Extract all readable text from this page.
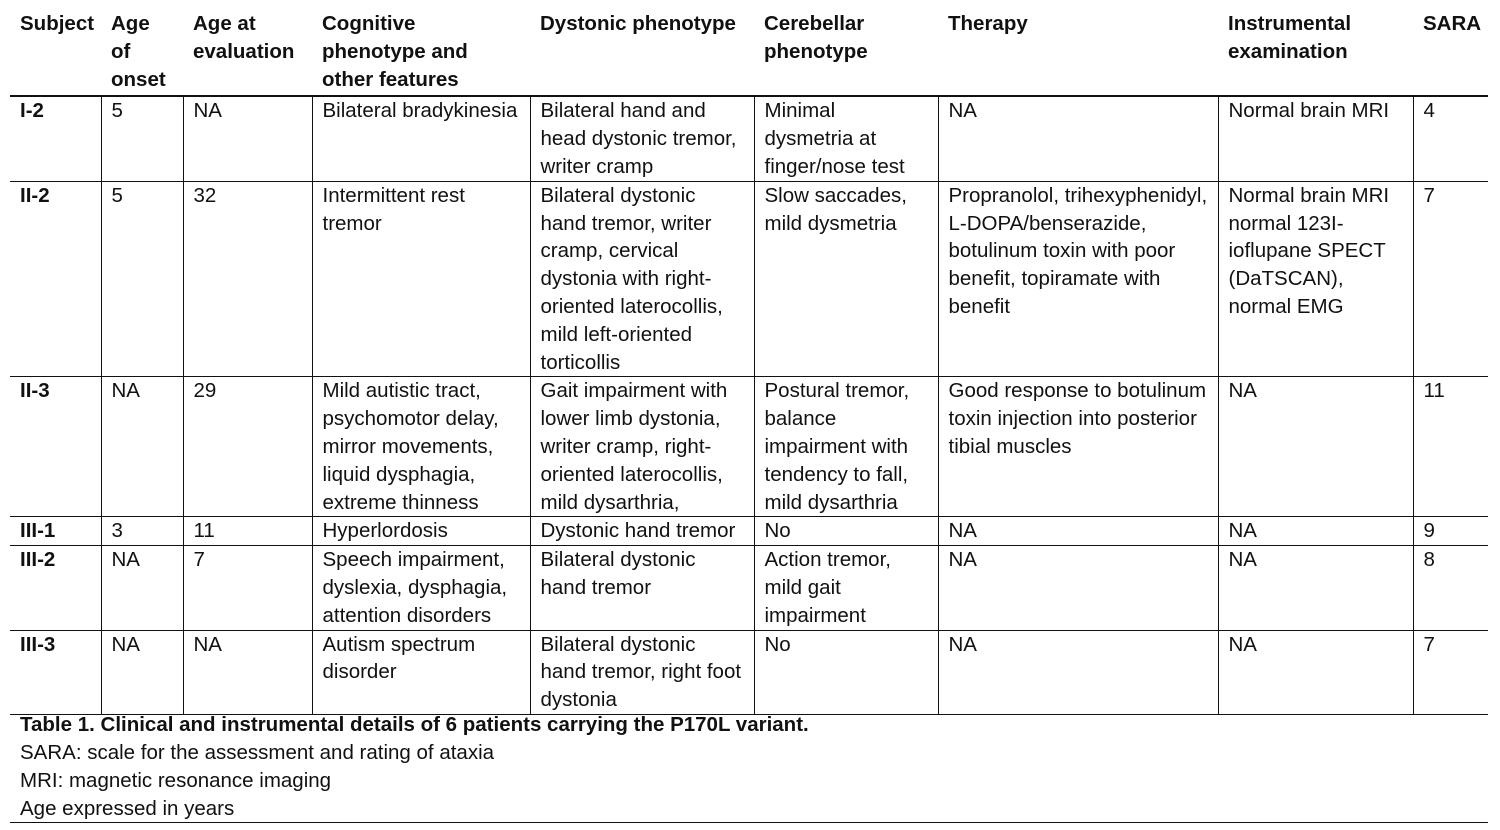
Subject	Age of onset	Age at evaluation	Cognitive phenotype and other features	Dystonic phenotype	Cerebellar phenotype	Therapy	Instrumental examination	SARA
I-2	5	NA	Bilateral bradykinesia	Bilateral hand and head dystonic tremor, writer cramp	Minimal dysmetria at finger/nose test	NA	Normal brain MRI	4
II-2	5	32	Intermittent rest tremor	Bilateral dystonic hand tremor, writer cramp, cervical dystonia with right-oriented laterocollis, mild left-oriented torticollis	Slow saccades, mild dysmetria	Propranolol, trihexyphenidyl, L-DOPA/benserazide, botulinum toxin with poor benefit, topiramate with benefit	Normal brain MRI normal 123I-ioflupane SPECT (DaTSCAN), normal EMG	7
II-3	NA	29	Mild autistic tract, psychomotor delay, mirror movements, liquid dysphagia, extreme thinness	Gait impairment with lower limb dystonia, writer cramp, right-oriented laterocollis, mild dysarthria,	Postural tremor, balance impairment with tendency to fall, mild dysarthria	Good response to botulinum toxin injection into posterior tibial muscles	NA	11
III-1	3	11	Hyperlordosis	Dystonic hand tremor	No	NA	NA	9
III-2	NA	7	Speech impairment, dyslexia, dysphagia, attention disorders	Bilateral dystonic hand tremor	Action tremor, mild gait impairment	NA	NA	8
III-3	NA	NA	Autism spectrum disorder	Bilateral dystonic hand tremor, right foot dystonia	No	NA	NA	7
Table 1. Clinical and instrumental details of 6 patients carrying the P170L variant.
SARA: scale for the assessment and rating of ataxia
MRI: magnetic resonance imaging
Age expressed in years
